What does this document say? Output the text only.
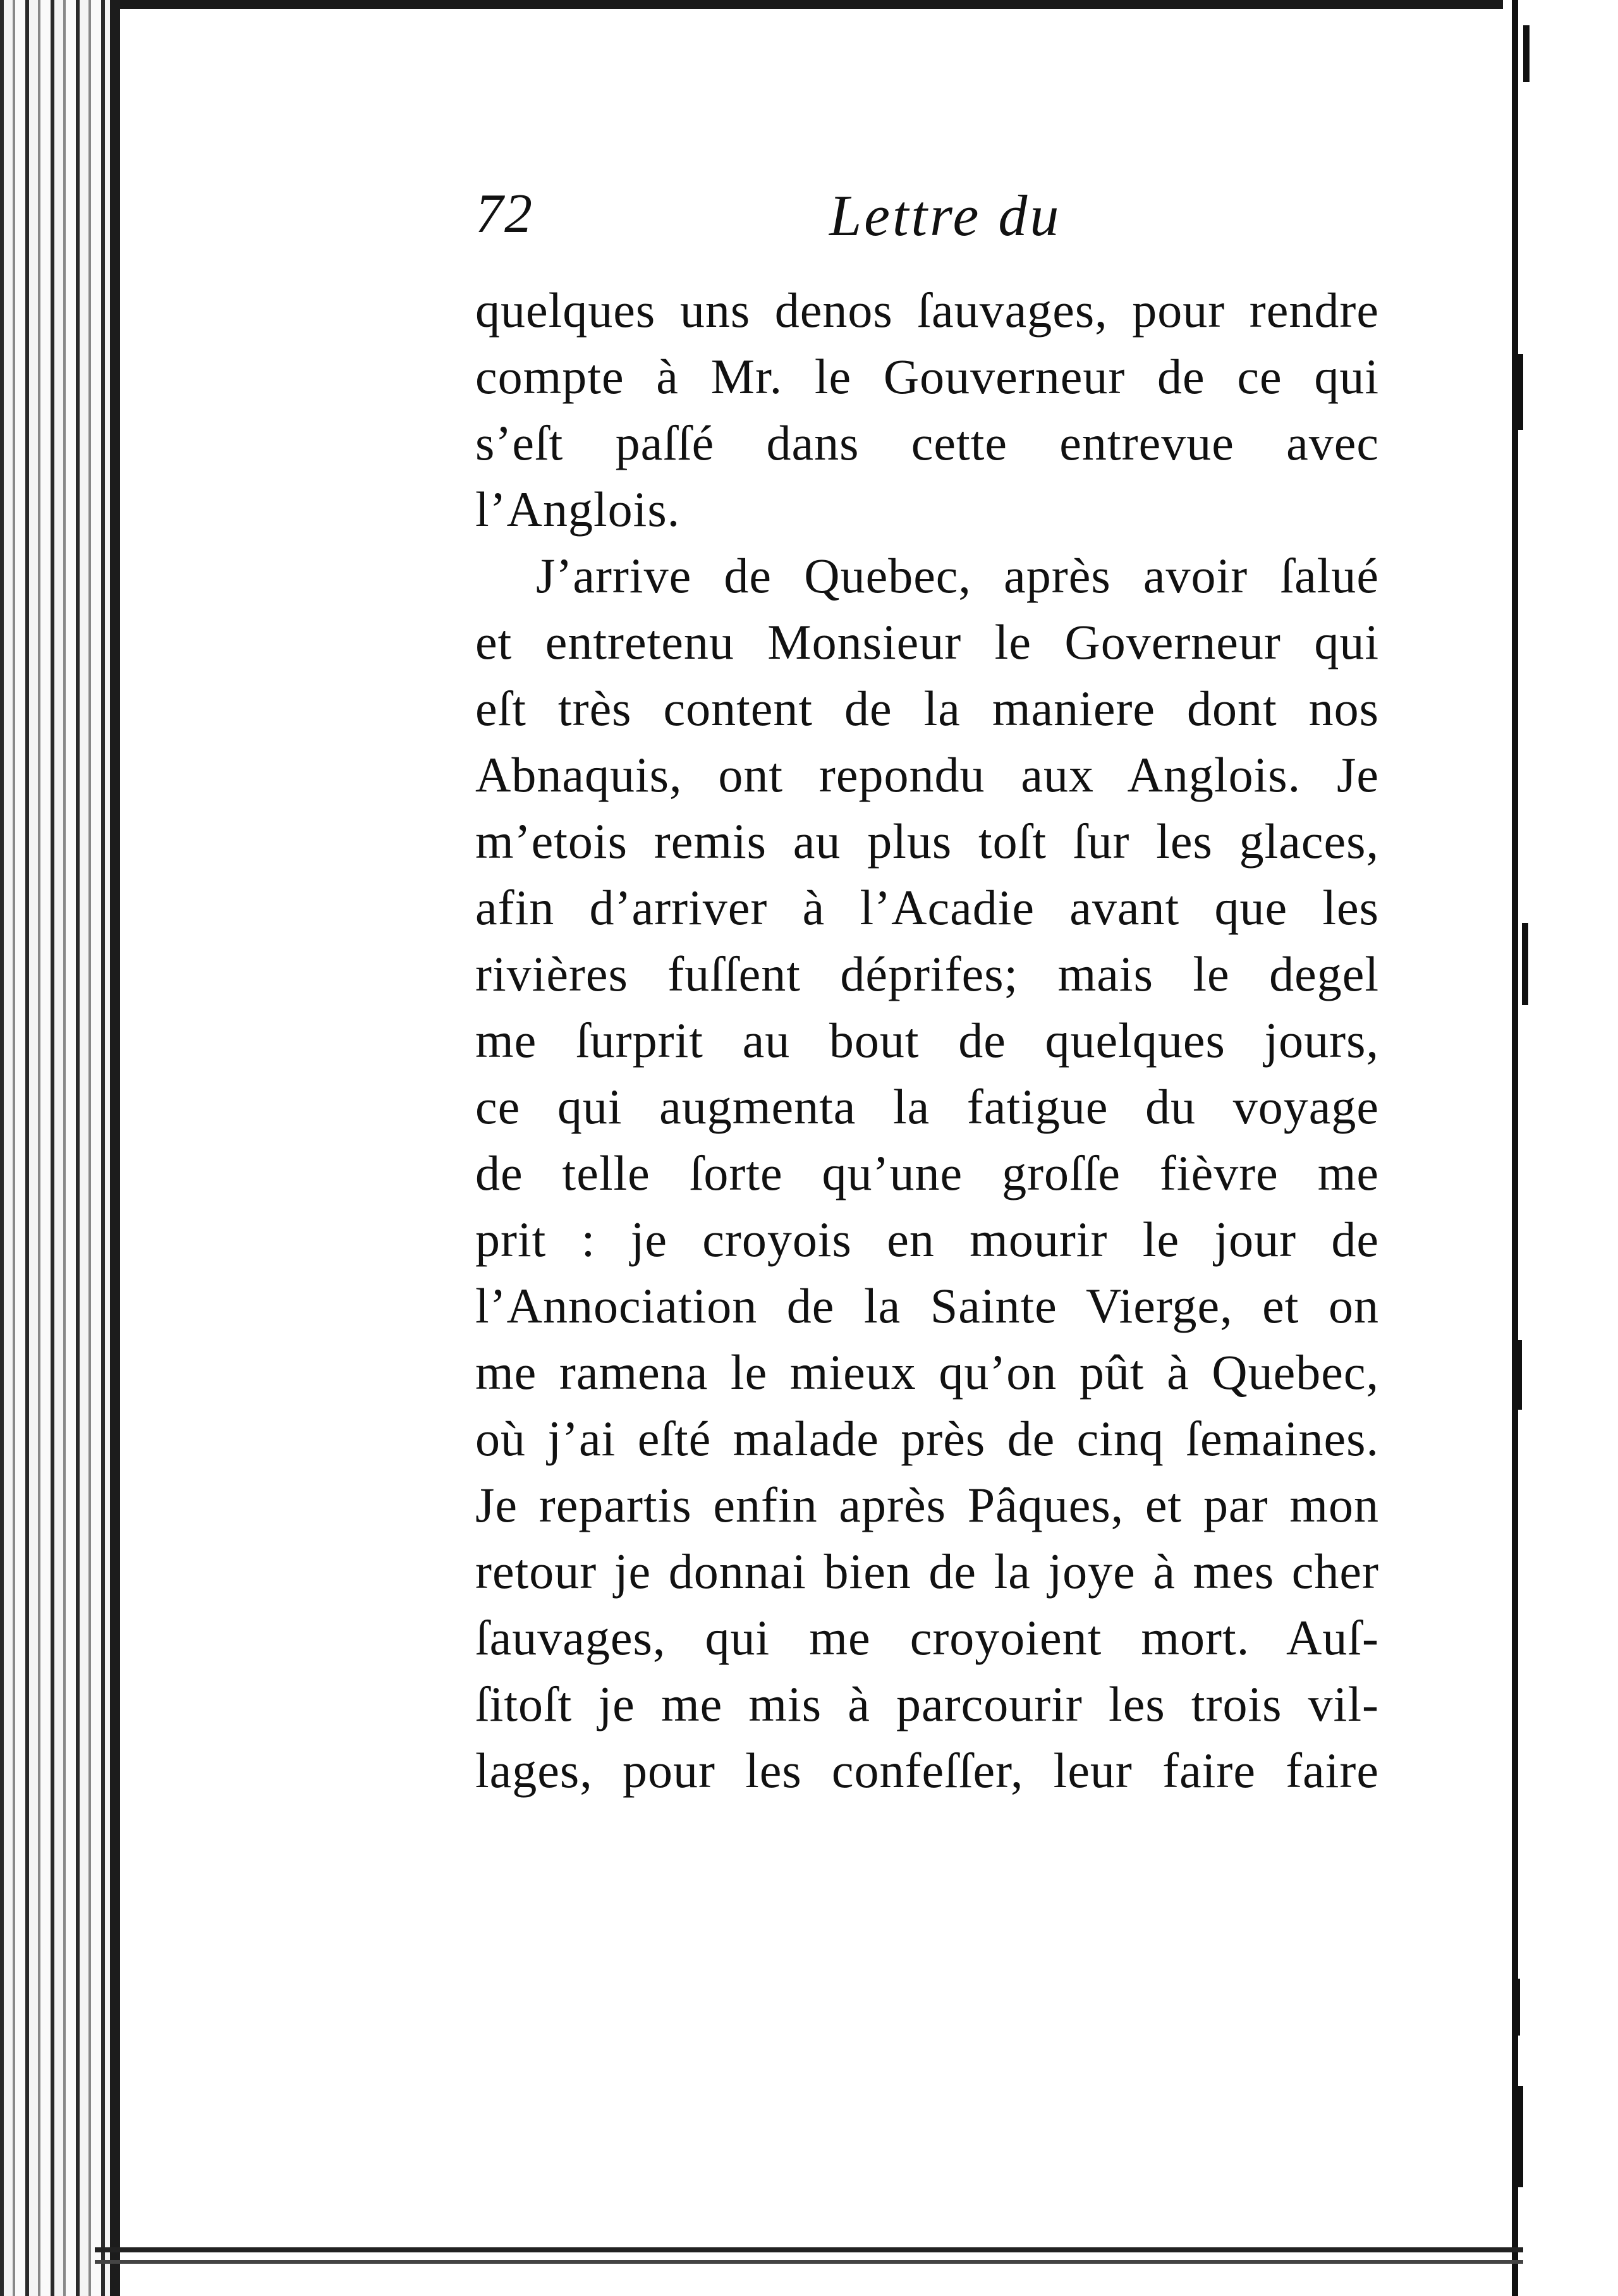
72	Lettre du
quelques uns denos ſauvages, pour rendre
compte à Mr. le Gouverneur de ce qui
s’eſt paſſé dans cette entrevue avec
l’Anglois.
J’arrive de Quebec, après avoir ſalué
et entretenu Monsieur le Governeur qui
eſt très content de la maniere dont nos
Abnaquis, ont repondu aux Anglois. Je
m’etois remis au plus toſt ſur les glaces,
afin d’arriver à l’Acadie avant que les
rivières fuſſent déprifes; mais le degel
me ſurprit au bout de quelques jours,
ce qui augmenta la fatigue du voyage
de telle ſorte qu’une groſſe fièvre me
prit : je croyois en mourir le jour de
l’Annociation de la Sainte Vierge, et on
me ramena le mieux qu’on pût à Quebec,
où j’ai eſté malade près de cinq ſemaines.
Je repartis enfin après Pâques, et par mon
retour je donnai bien de la joye à mes cher
ſauvages, qui me croyoient mort. Auſ-
ſitoſt je me mis à parcourir les trois vil-
lages, pour les confeſſer, leur faire faire
